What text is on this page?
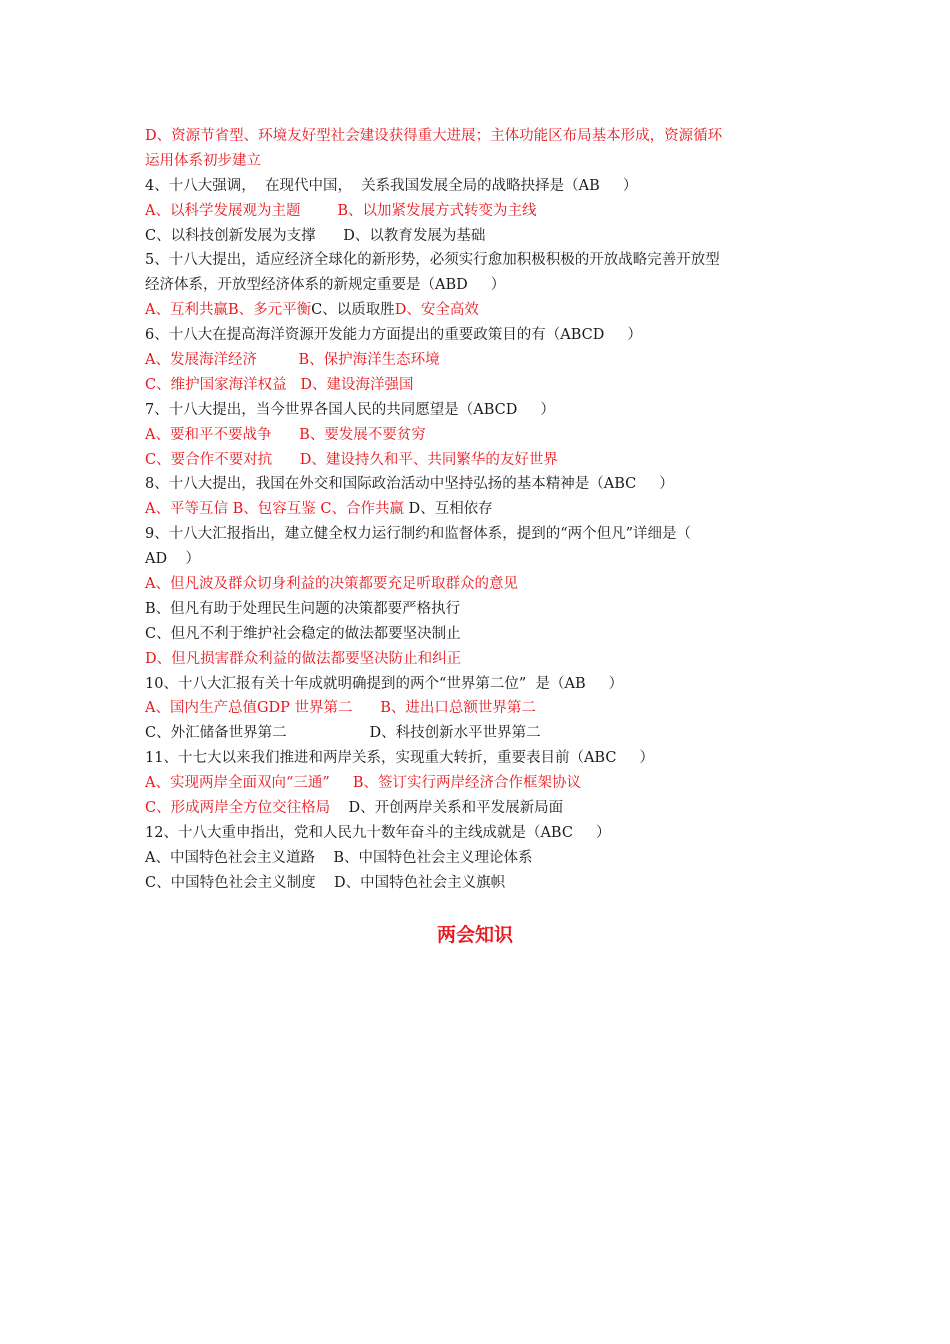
D、资源节省型、环境友好型社会建设获得重大进展；主体功能区布局基本形成，资源循环
运用体系初步建立
4、十八大强调，  在现代中国，  关系我国发展全局的战略抉择是（AB     ）
A、以科学发展观为主题        B、以加紧发展方式转变为主线
C、以科技创新发展为支撑      D、以教育发展为基础
5、十八大提出，适应经济全球化的新形势，必须实行愈加积极积极的开放战略完善开放型
经济体系，开放型经济体系的新规定重要是（ABD     ）
A、互利共赢B、多元平衡C、以质取胜D、安全高效
6、十八大在提高海洋资源开发能力方面提出的重要政策目的有（ABCD     ）
A、发展海洋经济         B、保护海洋生态环境
C、维护国家海洋权益   D、建设海洋强国
7、十八大提出，当今世界各国人民的共同愿望是（ABCD     ）
A、要和平不要战争      B、要发展不要贫穷
C、要合作不要对抗      D、建设持久和平、共同繁华的友好世界
8、十八大提出，我国在外交和国际政治活动中坚持弘扬的基本精神是（ABC     ）
A、平等互信 B、包容互鉴 C、合作共赢 D、互相依存
9、十八大汇报指出，建立健全权力运行制约和监督体系，提到的“两个但凡”详细是（
AD    ）
A、但凡波及群众切身利益的决策都要充足听取群众的意见
B、但凡有助于处理民生问题的决策都要严格执行
C、但凡不利于维护社会稳定的做法都要坚决制止
D、但凡损害群众利益的做法都要坚决防止和纠正
10、十八大汇报有关十年成就明确提到的两个“世界第二位”  是（AB     ）
A、国内生产总值GDP 世界第二      B、进出口总额世界第二
C、外汇储备世界第二                  D、科技创新水平世界第二
11、十七大以来我们推进和两岸关系，实现重大转折，重要表目前（ABC     ）
A、实现两岸全面双向“三通”     B、签订实行两岸经济合作框架协议
C、形成两岸全方位交往格局    D、开创两岸关系和平发展新局面
12、十八大重申指出，党和人民九十数年奋斗的主线成就是（ABC     ）
A、中国特色社会主义道路    B、中国特色社会主义理论体系
C、中国特色社会主义制度    D、中国特色社会主义旗帜
两会知识
